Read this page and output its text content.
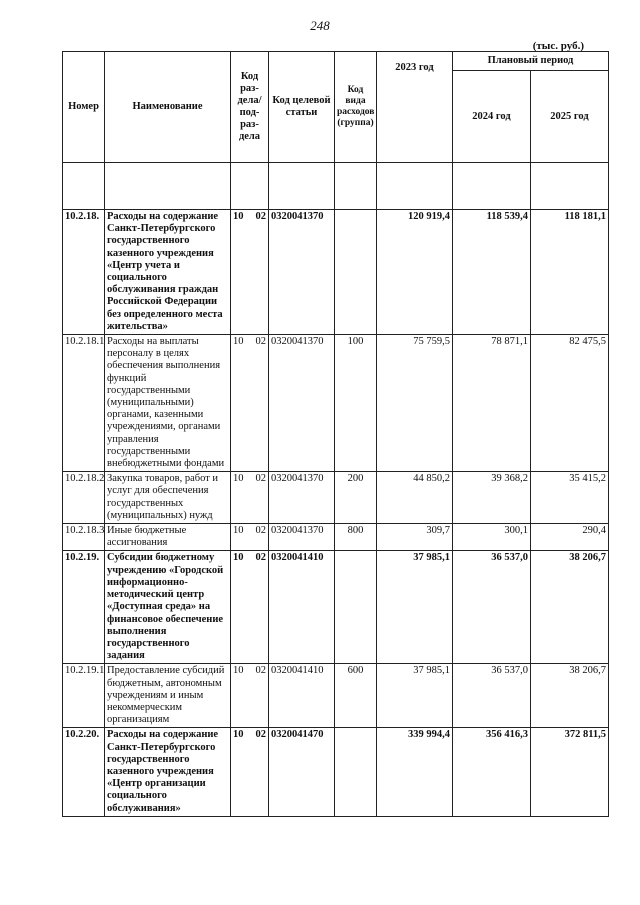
248
(тыс. руб.)
Номер	Наименование	Код раз-дела/ под-раз-дела	Код целевой статьи	Код вида расходов (группа)	2023 год	Плановый период	
						2024 год	2025 год

10.2.18.	Расходы на содержание Санкт-Петербургского государственного казенного учреждения «Центр учета и социального обслуживания граждан Российской Федерации без определенного места жительства»	10 02	0320041370		120 919,4	118 539,4	118 181,1
10.2.18.1	Расходы на выплаты персоналу в целях обеспечения выполнения функций государственными (муниципальными) органами, казенными учреждениями, органами управления государственными внебюджетными фондами	10 02	0320041370	100	75 759,5	78 871,1	82 475,5
10.2.18.2	Закупка товаров, работ и услуг для обеспечения государственных (муниципальных) нужд	10 02	0320041370	200	44 850,2	39 368,2	35 415,2
10.2.18.3	Иные бюджетные ассигнования	10 02	0320041370	800	309,7	300,1	290,4
10.2.19.	Субсидии бюджетному учреждению «Городской информационно-методический центр «Доступная среда» на финансовое обеспечение выполнения государственного задания	10 02	0320041410		37 985,1	36 537,0	38 206,7
10.2.19.1	Предоставление субсидий бюджетным, автономным учреждениям и иным некоммерческим организациям	10 02	0320041410	600	37 985,1	36 537,0	38 206,7
10.2.20.	Расходы на содержание Санкт-Петербургского государственного казенного учреждения «Центр организации социального обслуживания»	10 02	0320041470		339 994,4	356 416,3	372 811,5
